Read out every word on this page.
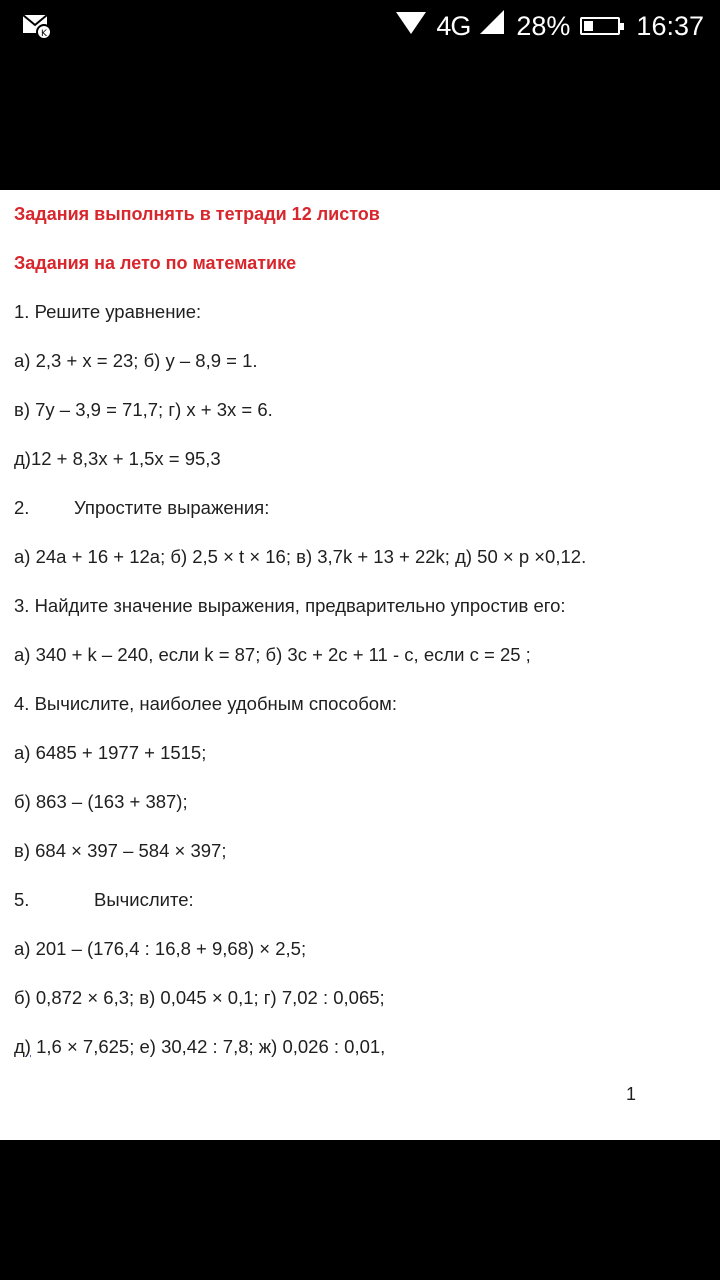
K	4G 28% 16:37
Задания выполнять в тетради 12 листов
Задания на лето по математике
1. Решите уравнение:
а) 2,3 + х = 23; б) у – 8,9 = 1.
в) 7у – 3,9 = 71,7; г) х + 3х = 6.
д)12 + 8,3х + 1,5х = 95,3
2. Упростите выражения:
а) 24а + 16 + 12а; б) 2,5 × t × 16; в) 3,7k + 13 + 22k; д) 50 × р ×0,12.
3. Найдите значение выражения, предварительно упростив его:
а) 340 + k – 240, если k = 87; б) 3с + 2с + 11 - с, если с = 25 ;
4. Вычислите, наиболее удобным способом:
а) 6485 + 1977 + 1515;
б) 863 – (163 + 387);
в) 684 × 397 – 584 × 397;
5.	Вычислите:
а) 201 – (176,4 : 16,8 + 9,68) × 2,5;
б) 0,872 × 6,3; в) 0,045 × 0,1; г) 7,02 : 0,065;
д) 1,6 × 7,625; е) 30,42 : 7,8; ж) 0,026 : 0,01,
1
